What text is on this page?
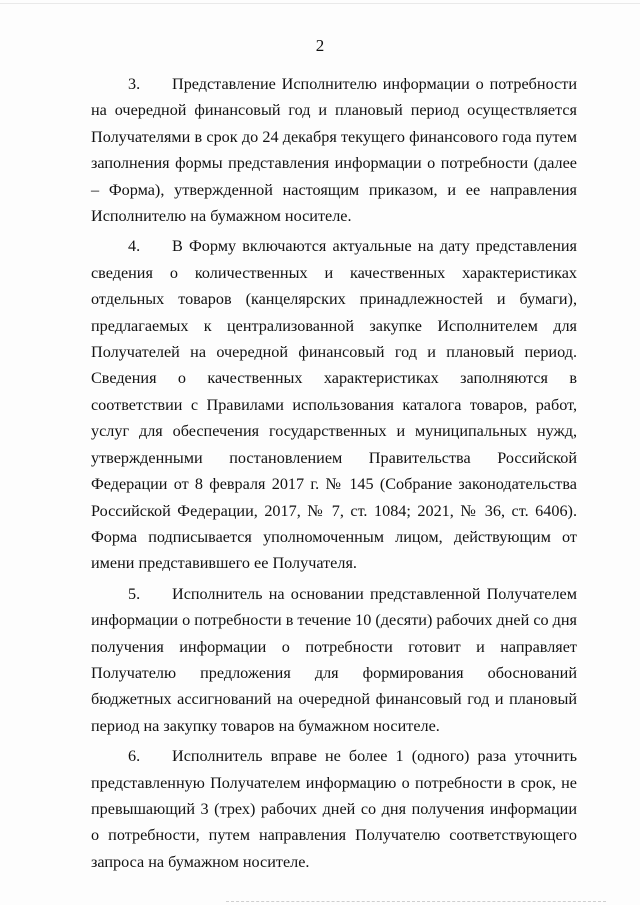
2

3. Представление Исполнителю информации о потребности на очередной финансовый год и плановый период осуществляется Получателями в срок до 24 декабря текущего финансового года путем заполнения формы представления информации о потребности (далее – Форма), утвержденной настоящим приказом, и ее направления Исполнителю на бумажном носителе.

4. В Форму включаются актуальные на дату представления сведения о количественных и качественных характеристиках отдельных товаров (канцелярских принадлежностей и бумаги), предлагаемых к централизованной закупке Исполнителем для Получателей на очередной финансовый год и плановый период. Сведения о качественных характеристиках заполняются в соответствии с Правилами использования каталога товаров, работ, услуг для обеспечения государственных и муниципальных нужд, утвержденными постановлением Правительства Российской Федерации от 8 февраля 2017 г. № 145 (Собрание законодательства Российской Федерации, 2017, № 7, ст. 1084; 2021, № 36, ст. 6406). Форма подписывается уполномоченным лицом, действующим от имени представившего ее Получателя.

5. Исполнитель на основании представленной Получателем информации о потребности в течение 10 (десяти) рабочих дней со дня получения информации о потребности готовит и направляет Получателю предложения для формирования обоснований бюджетных ассигнований на очередной финансовый год и плановый период на закупку товаров на бумажном носителе.

6. Исполнитель вправе не более 1 (одного) раза уточнить представленную Получателем информацию о потребности в срок, не превышающий 3 (трех) рабочих дней со дня получения информации о потребности, путем направления Получателю соответствующего запроса на бумажном носителе.
